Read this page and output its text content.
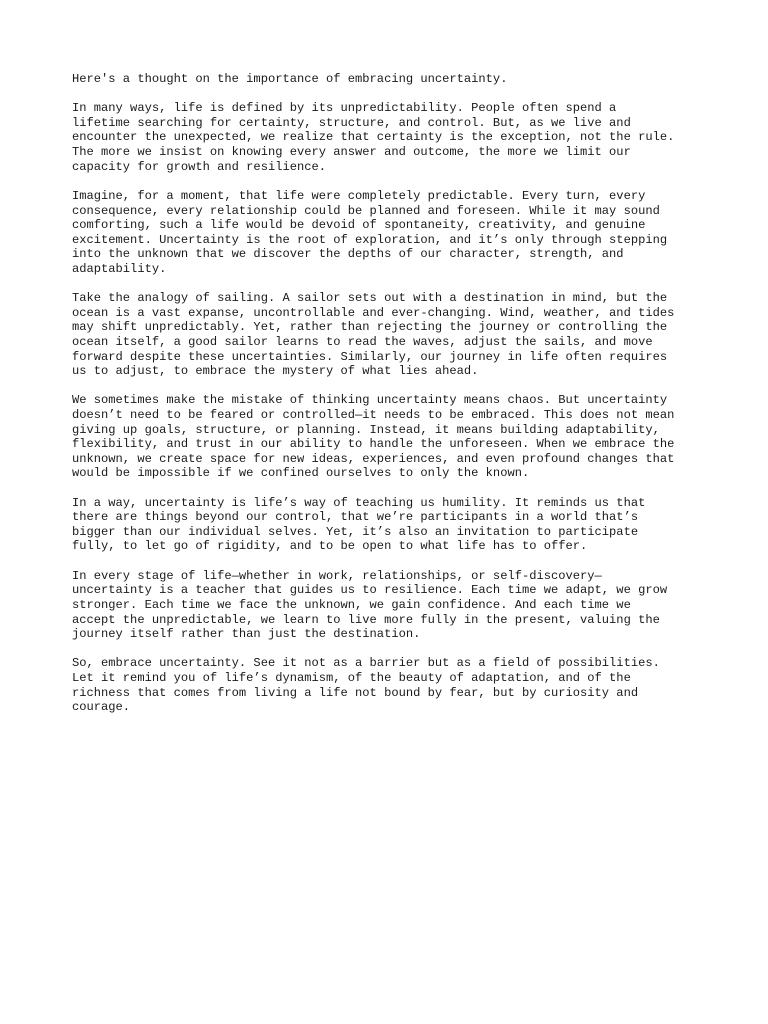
Here's a thought on the importance of embracing uncertainty.

In many ways, life is defined by its unpredictability. People often spend a
lifetime searching for certainty, structure, and control. But, as we live and
encounter the unexpected, we realize that certainty is the exception, not the rule.
The more we insist on knowing every answer and outcome, the more we limit our
capacity for growth and resilience.

Imagine, for a moment, that life were completely predictable. Every turn, every
consequence, every relationship could be planned and foreseen. While it may sound
comforting, such a life would be devoid of spontaneity, creativity, and genuine
excitement. Uncertainty is the root of exploration, and it’s only through stepping
into the unknown that we discover the depths of our character, strength, and
adaptability.

Take the analogy of sailing. A sailor sets out with a destination in mind, but the
ocean is a vast expanse, uncontrollable and ever-changing. Wind, weather, and tides
may shift unpredictably. Yet, rather than rejecting the journey or controlling the
ocean itself, a good sailor learns to read the waves, adjust the sails, and move
forward despite these uncertainties. Similarly, our journey in life often requires
us to adjust, to embrace the mystery of what lies ahead.

We sometimes make the mistake of thinking uncertainty means chaos. But uncertainty
doesn’t need to be feared or controlled—it needs to be embraced. This does not mean
giving up goals, structure, or planning. Instead, it means building adaptability,
flexibility, and trust in our ability to handle the unforeseen. When we embrace the
unknown, we create space for new ideas, experiences, and even profound changes that
would be impossible if we confined ourselves to only the known.

In a way, uncertainty is life’s way of teaching us humility. It reminds us that
there are things beyond our control, that we’re participants in a world that’s
bigger than our individual selves. Yet, it’s also an invitation to participate
fully, to let go of rigidity, and to be open to what life has to offer.

In every stage of life—whether in work, relationships, or self-discovery—
uncertainty is a teacher that guides us to resilience. Each time we adapt, we grow
stronger. Each time we face the unknown, we gain confidence. And each time we
accept the unpredictable, we learn to live more fully in the present, valuing the
journey itself rather than just the destination.

So, embrace uncertainty. See it not as a barrier but as a field of possibilities.
Let it remind you of life’s dynamism, of the beauty of adaptation, and of the
richness that comes from living a life not bound by fear, but by curiosity and
courage.
